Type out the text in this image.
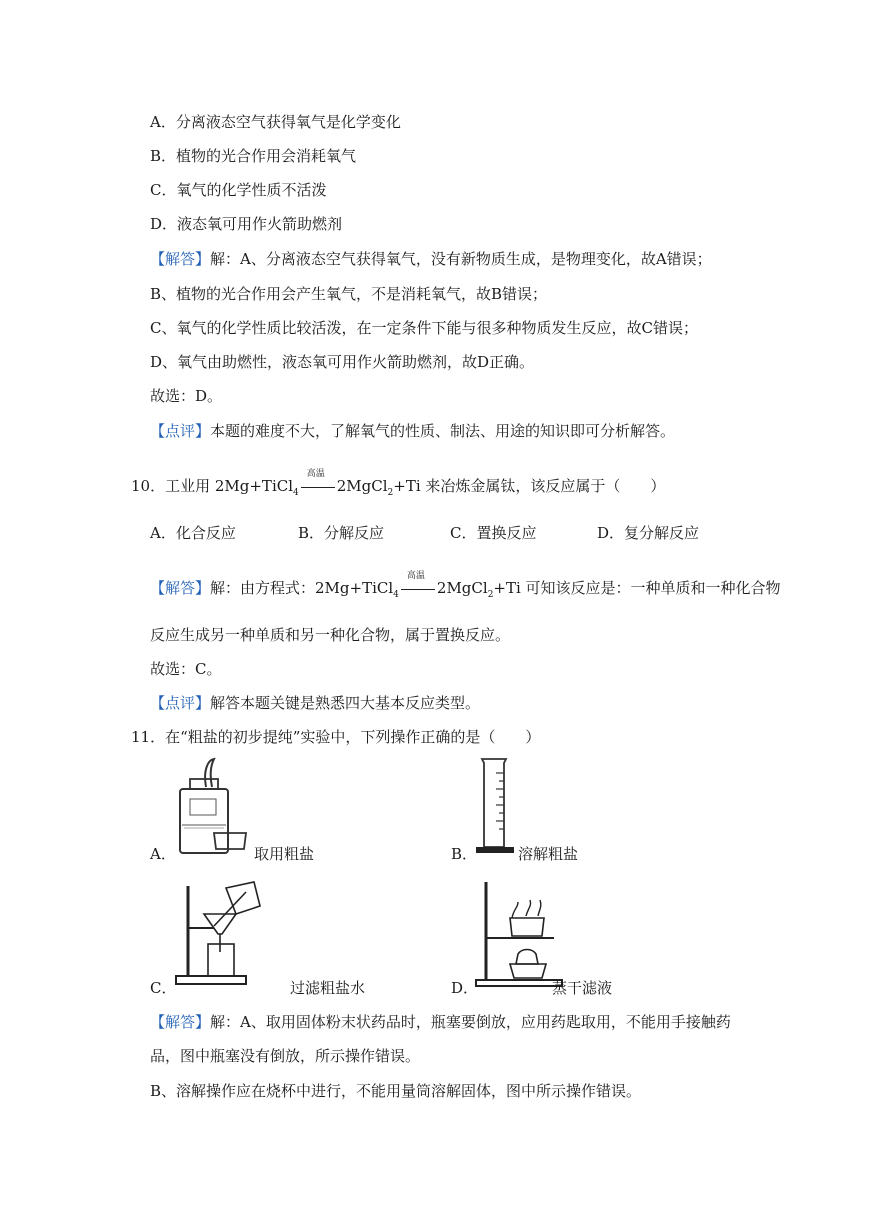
A．分离液态空气获得氧气是化学变化
B．植物的光合作用会消耗氧气
C．氧气的化学性质不活泼
D．液态氧可用作火箭助燃剂
【解答】解：A、分离液态空气获得氧气，没有新物质生成，是物理变化，故A错误；
B、植物的光合作用会产生氧气，不是消耗氧气，故B错误；
C、氧气的化学性质比较活泼，在一定条件下能与很多种物质发生反应，故C错误；
D、氧气由助燃性，液态氧可用作火箭助燃剂，故D正确。
故选：D。
【点评】本题的难度不大，了解氧气的性质、制法、用途的知识即可分析解答。
10．工业用 2Mg+TiCl$_4$
高温
2MgCl$_2$+Ti 来冶炼金属钛，该反应属于（　　）
A．化合反应	B．分解反应	C．置换反应	D．复分解反应
【解答】解：由方程式：2Mg+TiCl$_4$
高温
2MgCl$_2$+Ti 可知该反应是：一种单质和一种化合物
反应生成另一种单质和另一种化合物，属于置换反应。
故选：C。
【点评】解答本题关键是熟悉四大基本反应类型。
11．在“粗盐的初步提纯”实验中，下列操作正确的是（　　）
A．	取用粗盐	B．	溶解粗盐
C．	过滤粗盐水	D．	蒸干滤液
【解答】解：A、取用固体粉末状药品时，瓶塞要倒放，应用药匙取用，不能用手接触药
品，图中瓶塞没有倒放，所示操作错误。
B、溶解操作应在烧杯中进行，不能用量筒溶解固体，图中所示操作错误。
